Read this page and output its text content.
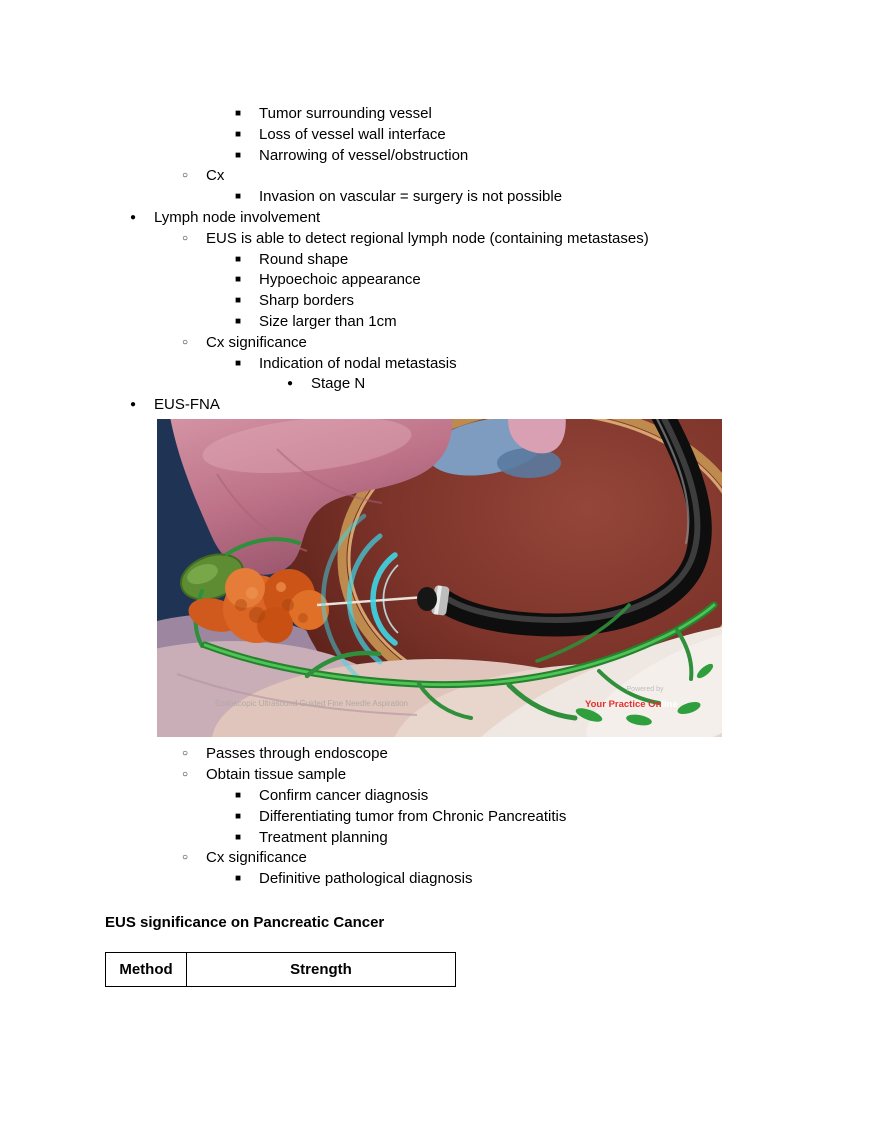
■	Tumor surrounding vessel
■	Loss of vessel wall interface
■	Narrowing of vessel/obstruction
○	Cx
■	Invasion on vascular = surgery is not possible
●	Lymph node involvement
○	EUS is able to detect regional lymph node (containing metastases)
■	Round shape
■	Hypoechoic appearance
■	Sharp borders
■	Size larger than 1cm
○	Cx significance
■	Indication of nodal metastasis
●	Stage N
●	EUS-FNA
Endoscopic Ultrasound Guided Fine Needle Aspiration
Powered by
Your Practice Online
○	Passes through endoscope
○	Obtain tissue sample
■	Confirm cancer diagnosis
■	Differentiating tumor from Chronic Pancreatitis
■	Treatment planning
○	Cx significance
■	Definitive pathological diagnosis
EUS significance on Pancreatic Cancer
Method	Strength
